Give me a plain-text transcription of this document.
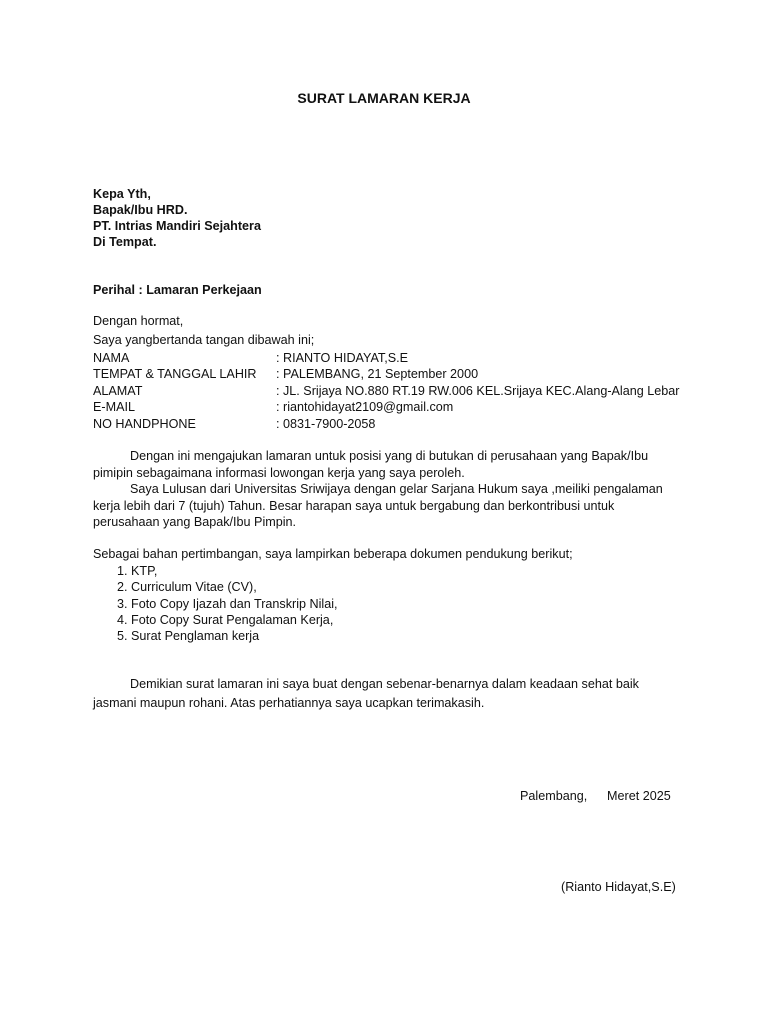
SURAT LAMARAN KERJA
Kepa Yth,
Bapak/Ibu HRD.
PT. Intrias Mandiri Sejahtera
Di Tempat.
Perihal : Lamaran Perkejaan
Dengan hormat,
Saya yangbertanda tangan dibawah ini;
NAMA	: RIANTO HIDAYAT,S.E
TEMPAT & TANGGAL LAHIR : PALEMBANG, 21 September 2000
ALAMAT	: JL. Srijaya NO.880 RT.19 RW.006 KEL.Srijaya KEC.Alang-Alang Lebar
E-MAIL	: riantohidayat2109@gmail.com
NO HANDPHONE	: 0831-7900-2058
Dengan ini mengajukan lamaran untuk posisi yang di butukan di perusahaan yang Bapak/Ibu pimipin sebagaimana informasi lowongan kerja yang saya peroleh.
Saya Lulusan dari Universitas Sriwijaya dengan gelar Sarjana Hukum saya ,meiliki pengalaman kerja lebih dari 7 (tujuh) Tahun. Besar harapan saya untuk bergabung dan berkontribusi untuk perusahaan yang Bapak/Ibu Pimpin.
Sebagai bahan pertimbangan, saya lampirkan beberapa dokumen pendukung berikut;
1. KTP,
2. Curriculum Vitae (CV),
3. Foto Copy Ijazah dan Transkrip Nilai,
4. Foto Copy Surat Pengalaman Kerja,
5. Surat Penglaman kerja
Demikian surat lamaran ini saya buat dengan sebenar-benarnya dalam keadaan sehat baik jasmani maupun rohani. Atas perhatiannya saya ucapkan terimakasih.
Palembang, Meret 2025
(Rianto Hidayat,S.E)
